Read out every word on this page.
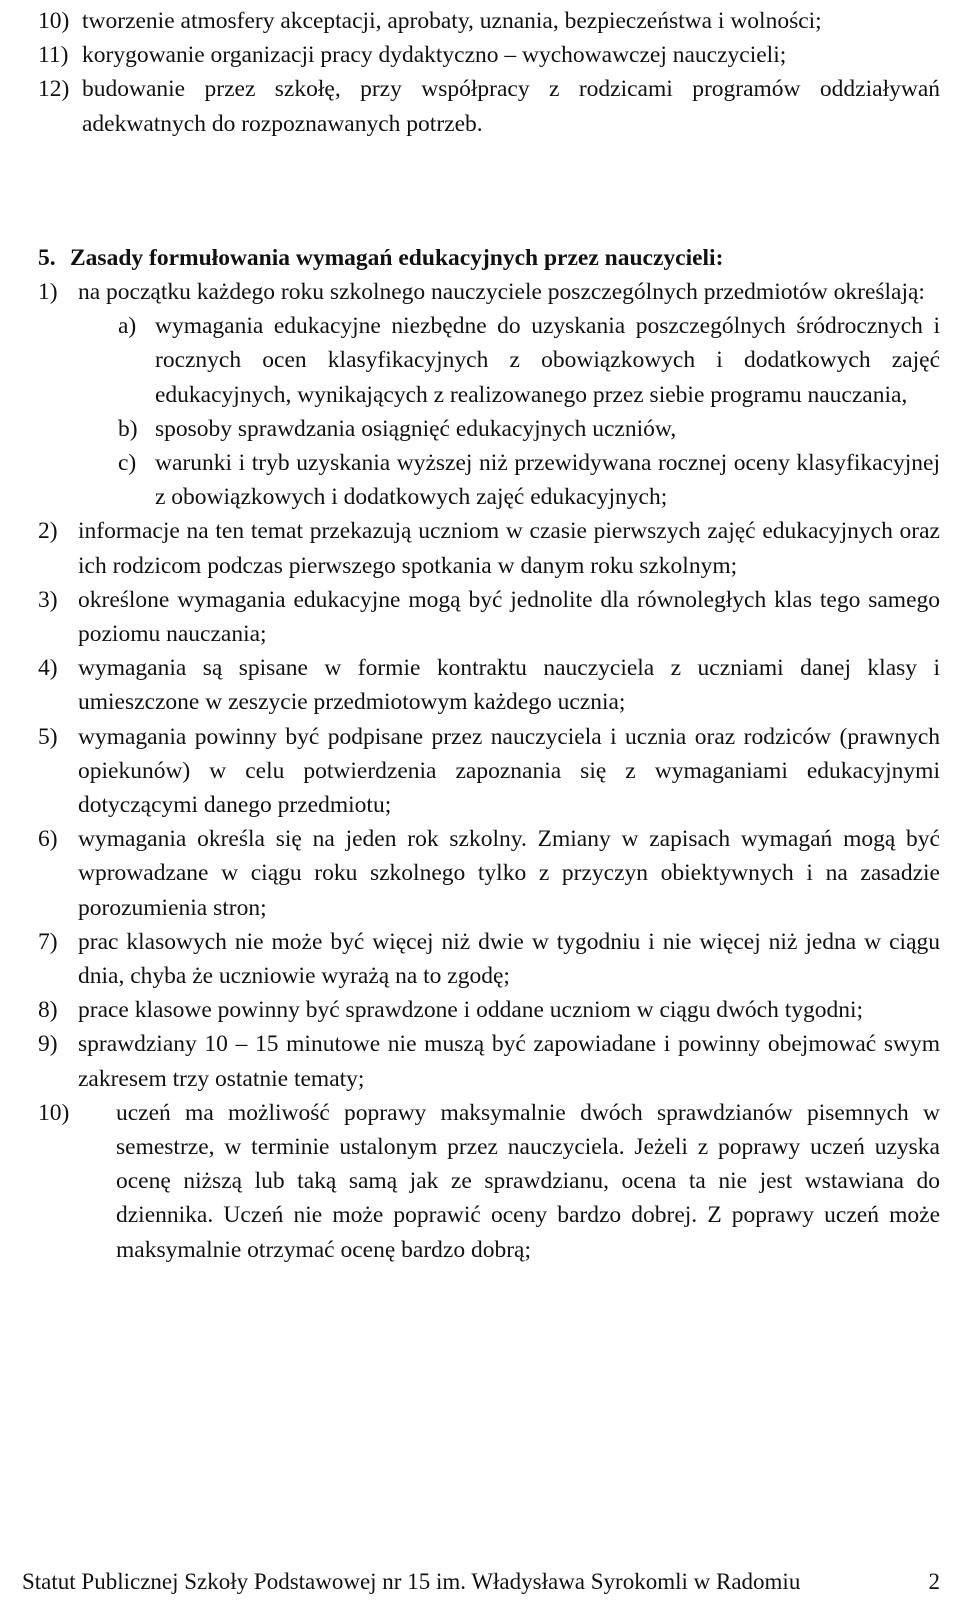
10) tworzenie atmosfery akceptacji, aprobaty, uznania, bezpieczeństwa i wolności;
11) korygowanie organizacji pracy dydaktyczno – wychowawczej nauczycieli;
12) budowanie przez szkołę, przy współpracy z rodzicami programów oddziaływań adekwatnych do rozpoznawanych potrzeb.
5. Zasady formułowania wymagań edukacyjnych przez nauczycieli:
1) na początku każdego roku szkolnego nauczyciele poszczególnych przedmiotów określają:
a) wymagania edukacyjne niezbędne do uzyskania poszczególnych śródrocznych i rocznych ocen klasyfikacyjnych z obowiązkowych i dodatkowych zajęć edukacyjnych, wynikających z realizowanego przez siebie programu nauczania,
b) sposoby sprawdzania osiągnięć edukacyjnych uczniów,
c) warunki i tryb uzyskania wyższej niż przewidywana rocznej oceny klasyfikacyjnej z obowiązkowych i dodatkowych zajęć edukacyjnych;
2) informacje na ten temat przekazują uczniom w czasie pierwszych zajęć edukacyjnych oraz ich rodzicom podczas pierwszego spotkania w danym roku szkolnym;
3) określone wymagania edukacyjne mogą być jednolite dla równoległych klas tego samego poziomu nauczania;
4) wymagania są spisane w formie kontraktu nauczyciela z uczniami danej klasy i umieszczone w zeszycie przedmiotowym każdego ucznia;
5) wymagania powinny być podpisane przez nauczyciela i ucznia oraz rodziców (prawnych opiekunów) w celu potwierdzenia zapoznania się z wymaganiami edukacyjnymi dotyczącymi danego przedmiotu;
6) wymagania określa się na jeden rok szkolny. Zmiany w zapisach wymagań mogą być wprowadzane w ciągu roku szkolnego tylko z przyczyn obiektywnych i na zasadzie porozumienia stron;
7) prac klasowych nie może być więcej niż dwie w tygodniu i nie więcej niż jedna w ciągu dnia, chyba że uczniowie wyrażą na to zgodę;
8) prace klasowe powinny być sprawdzone i oddane uczniom w ciągu dwóch tygodni;
9) sprawdziany 10 – 15 minutowe nie muszą być zapowiadane i powinny obejmować swym zakresem trzy ostatnie tematy;
10)	uczeń ma możliwość poprawy maksymalnie dwóch sprawdzianów pisemnych w semestrze, w terminie ustalonym przez nauczyciela. Jeżeli z poprawy uczeń uzyska ocenę niższą lub taką samą jak ze sprawdzianu, ocena ta nie jest wstawiana do dziennika. Uczeń nie może poprawić oceny bardzo dobrej. Z poprawy uczeń może maksymalnie otrzymać ocenę bardzo dobrą;
Statut Publicznej Szkoły Podstawowej nr 15 im. Władysława Syrokomli w Radomiu	2
